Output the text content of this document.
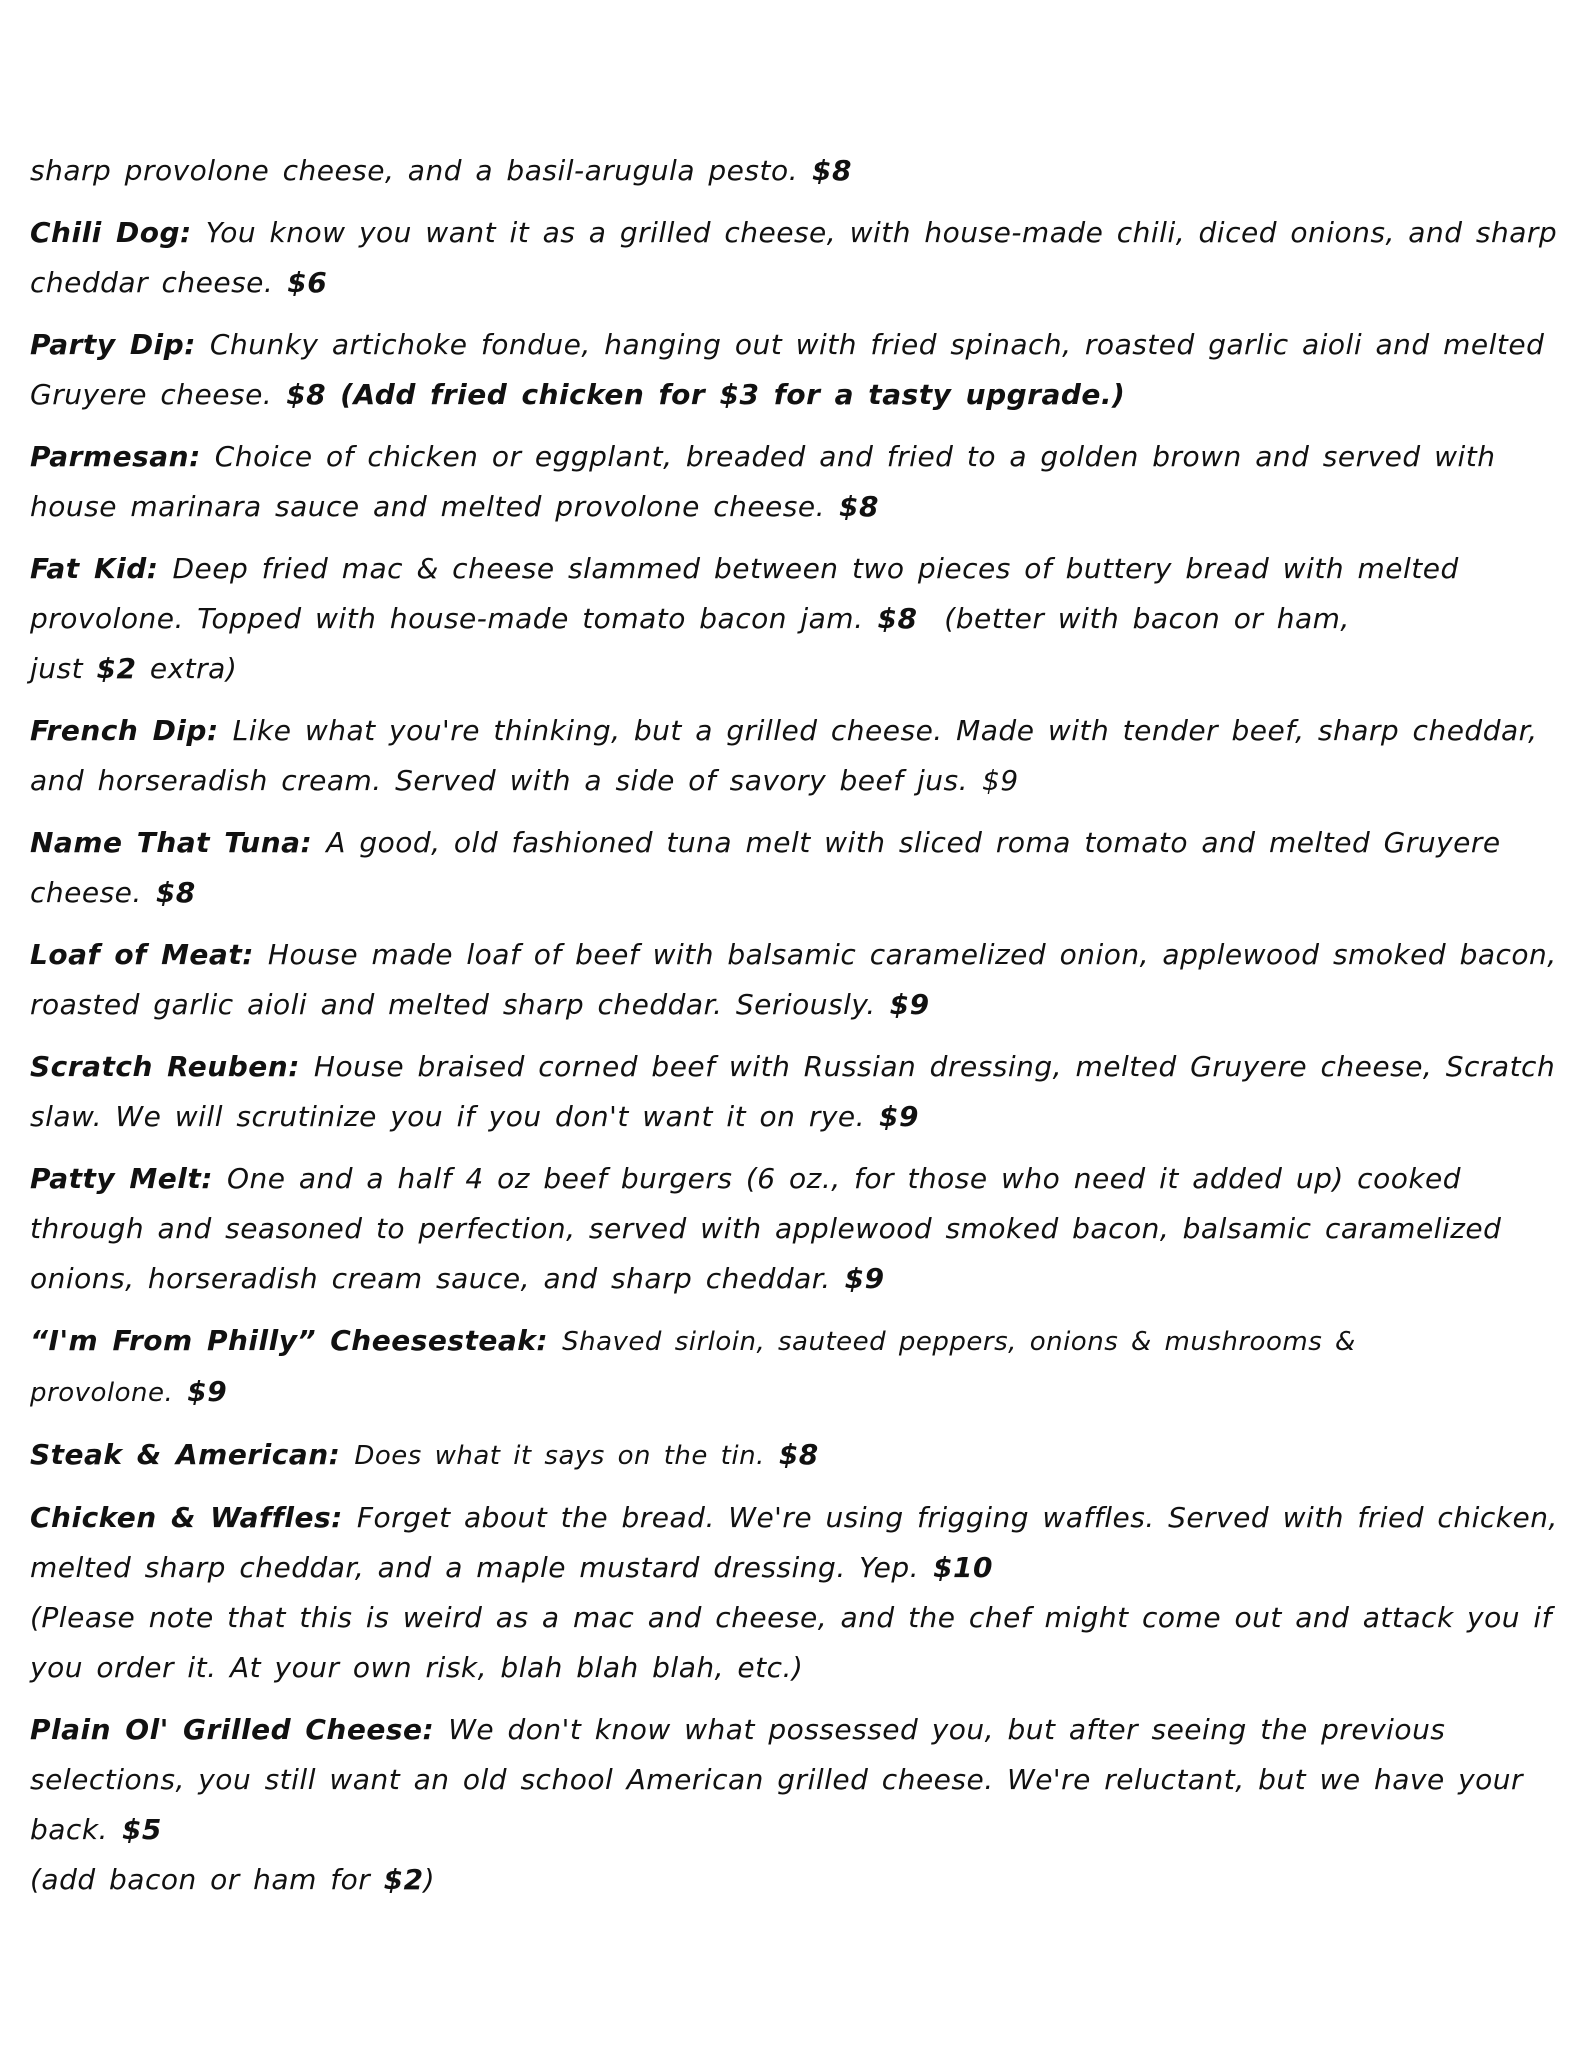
sharp provolone cheese, and a basil-arugula pesto. $8

Chili Dog: You know you want it as a grilled cheese, with house-made chili, diced onions, and sharp cheddar cheese. $6

Party Dip: Chunky artichoke fondue, hanging out with fried spinach, roasted garlic aioli and melted Gruyere cheese. $8 (Add fried chicken for $3 for a tasty upgrade.)

Parmesan: Choice of chicken or eggplant, breaded and fried to a golden brown and served with house marinara sauce and melted provolone cheese. $8

Fat Kid: Deep fried mac & cheese slammed between two pieces of buttery bread with melted provolone. Topped with house-made tomato bacon jam. $8 (better with bacon or ham, just $2 extra)

French Dip: Like what you're thinking, but a grilled cheese. Made with tender beef, sharp cheddar, and horseradish cream. Served with a side of savory beef jus. $9

Name That Tuna: A good, old fashioned tuna melt with sliced roma tomato and melted Gruyere cheese. $8

Loaf of Meat: House made loaf of beef with balsamic caramelized onion, applewood smoked bacon, roasted garlic aioli and melted sharp cheddar. Seriously. $9

Scratch Reuben: House braised corned beef with Russian dressing, melted Gruyere cheese, Scratch slaw. We will scrutinize you if you don't want it on rye. $9

Patty Melt: One and a half 4 oz beef burgers (6 oz., for those who need it added up) cooked through and seasoned to perfection, served with applewood smoked bacon, balsamic caramelized onions, horseradish cream sauce, and sharp cheddar. $9

“I'm From Philly” Cheesesteak: Shaved sirloin, sauteed peppers, onions & mushrooms & provolone. $9

Steak & American: Does what it says on the tin. $8

Chicken & Waffles: Forget about the bread. We're using frigging waffles. Served with fried chicken, melted sharp cheddar, and a maple mustard dressing. Yep. $10
(Please note that this is weird as a mac and cheese, and the chef might come out and attack you if you order it. At your own risk, blah blah blah, etc.)

Plain Ol' Grilled Cheese: We don't know what possessed you, but after seeing the previous selections, you still want an old school American grilled cheese. We're reluctant, but we have your back. $5
(add bacon or ham for $2)
